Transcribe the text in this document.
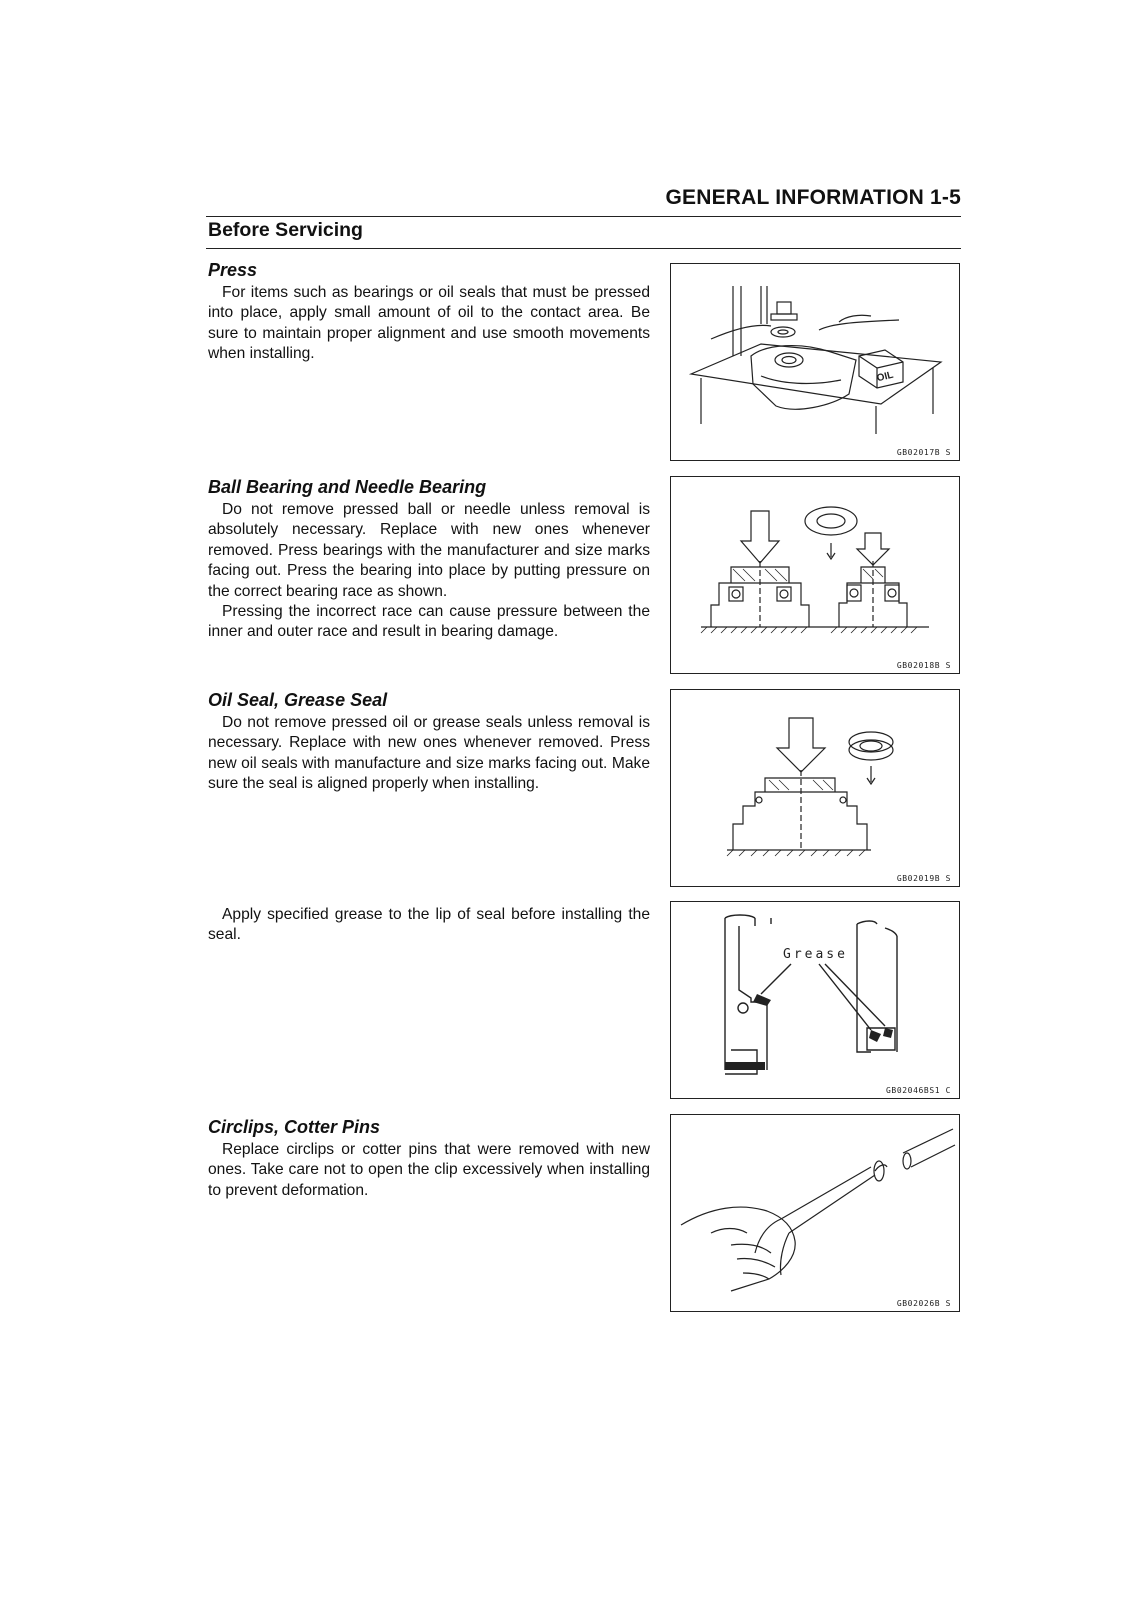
GENERAL INFORMATION 1-5
Before Servicing
Press

For items such as bearings or oil seals that must be pressed into place, apply small amount of oil to the contact area. Be sure to maintain proper alignment and use smooth movements when installing.

OIL
GB02017B S
Ball Bearing and Needle Bearing

Do not remove pressed ball or needle unless removal is absolutely necessary. Replace with new ones whenever removed. Press bearings with the manufacturer and size marks facing out. Press the bearing into place by putting pressure on the correct bearing race as shown.

Pressing the incorrect race can cause pressure between the inner and outer race and result in bearing damage.

GB02018B S
Oil Seal, Grease Seal

Do not remove pressed oil or grease seals unless removal is necessary. Replace with new ones whenever removed. Press new oil seals with manufacture and size marks facing out. Make sure the seal is aligned properly when installing.

GB02019B S

Apply specified grease to the lip of seal before installing the seal.

Grease
GB02046BS1 C
Circlips, Cotter Pins

Replace circlips or cotter pins that were removed with new ones. Take care not to open the clip excessively when installing to prevent deformation.

GB02026B S
